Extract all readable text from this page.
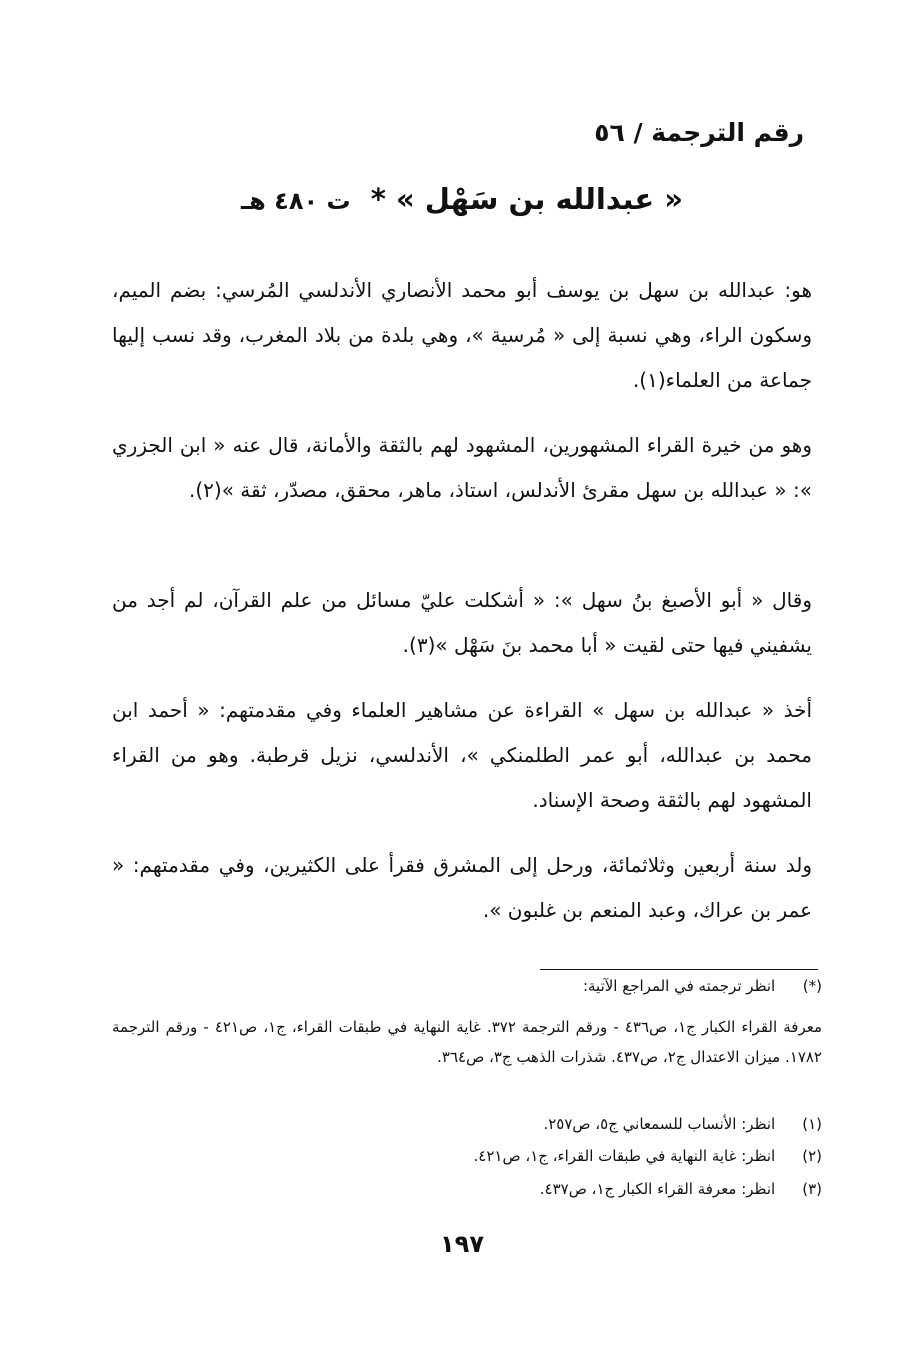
رقم الترجمة / ٥٦
« عبدالله بن سَهْل » * ت ٤٨٠ هـ

هو: عبدالله بن سهل بن يوسف أبو محمد الأنصاري الأندلسي المُرسي: بضم الميم، وسكون الراء، وهي نسبة إلى « مُرسية »، وهي بلدة من بلاد المغرب، وقد نسب إليها جماعة من العلماء(١).

وهو من خيرة القراء المشهورين، المشهود لهم بالثقة والأمانة، قال عنه « ابن الجزري »: « عبدالله بن سهل مقرئ الأندلس، استاذ، ماهر، محقق، مصدّر، ثقة »(٢).

وقال « أبو الأصبغ بنُ سهل »: « أشكلت عليّ مسائل من علم القرآن، لم أجد من يشفيني فيها حتى لقيت « أبا محمد بنَ سَهْل »(٣).

أخذ « عبدالله بن سهل » القراءة عن مشاهير العلماء وفي مقدمتهم: « أحمد ابن محمد بن عبدالله، أبو عمر الطلمنكي »، الأندلسي، نزيل قرطبة. وهو من القراء المشهود لهم بالثقة وصحة الإسناد.

ولد سنة أربعين وثلاثمائة، ورحل إلى المشرق فقرأ على الكثيرين، وفي مقدمتهم: « عمر بن عراك، وعبد المنعم بن غلبون ».

(*) انظر ترجمته في المراجع الآتية:
معرفة القراء الكبار ج١، ص٤٣٦ - ورقم الترجمة ٣٧٢. غاية النهاية في طبقات القراء، ج١، ص٤٢١ - ورقم الترجمة ١٧٨٢. ميزان الاعتدال ج٢، ص٤٣٧. شذرات الذهب ج٣، ص٣٦٤.
(١) انظر: الأنساب للسمعاني ج٥، ص٢٥٧.
(٢) انظر: غاية النهاية في طبقات القراء، ج١، ص٤٢١.
(٣) انظر: معرفة القراء الكبار ج١، ص٤٣٧.
١٩٧
